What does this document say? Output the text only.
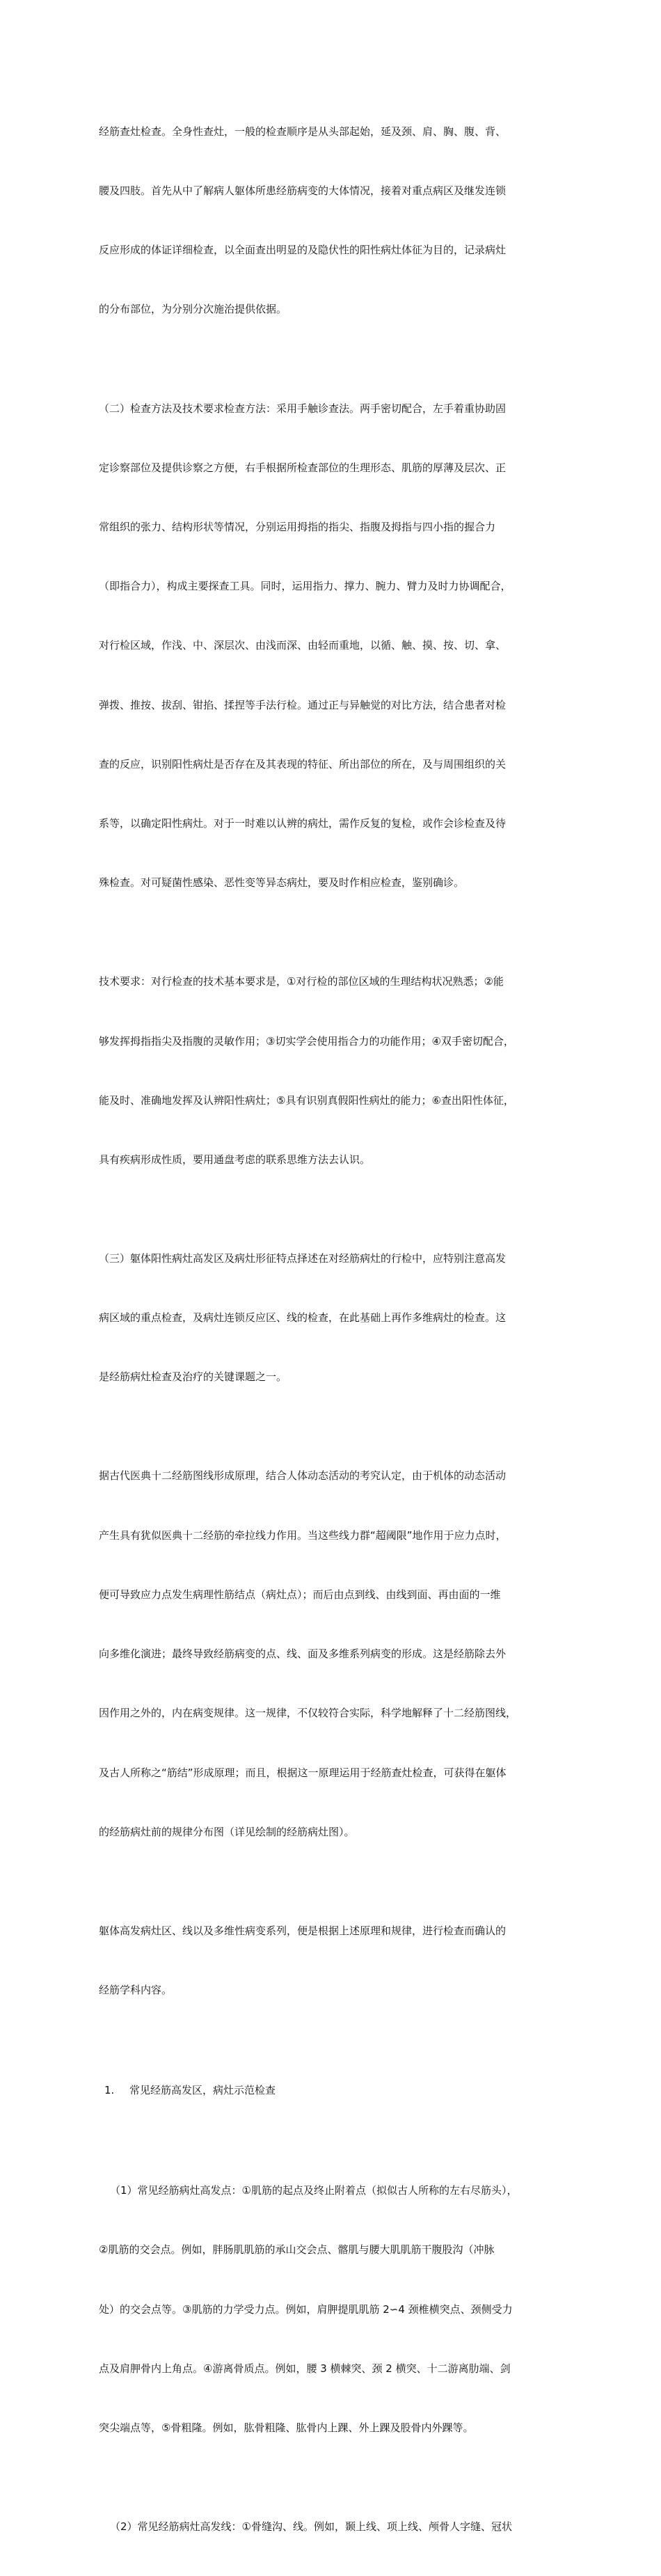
经筋查灶检查。全身性查灶，一般的检查顺序是从头部起始，延及颈、肩、胸、腹、背、

腰及四肢。首先从中了解病人躯体所患经筋病变的大体情况，接着对重点病区及继发连锁

反应形成的体证详细检查，以全面查出明显的及隐伏性的阳性病灶体征为目的，记录病灶

的分布部位，为分别分次施治提供依据。

（二）检查方法及技术要求检查方法：采用手触诊查法。两手密切配合，左手着重协助固

定诊察部位及提供诊察之方便，右手根据所检查部位的生理形态、肌筋的厚薄及层次、正

常组织的张力、结构形状等情况，分别运用拇指的指尖、指腹及拇指与四小指的握合力

（即指合力），构成主要探查工具。同时，运用指力、撑力、腕力、臂力及时力协调配合，

对行检区域，作浅、中、深层次、由浅而深、由轻而重地，以循、触、摸、按、切、拿、

弹拨、推按、拔刮、钳掐、揉捏等手法行检。通过正与异触觉的对比方法，结合患者对检

查的反应，识别阳性病灶是否存在及其表现的特征、所出部位的所在，及与周围组织的关

系等，以确定阳性病灶。对于一时难以认辨的病灶，需作反复的复检，或作会诊检查及待

殊检查。对可疑菌性感染、恶性变等异态病灶，要及时作相应检查，鉴别确诊。

技术要求：对行检查的技术基本要求是，①对行检的部位区域的生理结构状况熟悉；②能

够发挥拇指指尖及指腹的灵敏作用；③切实学会使用指合力的功能作用；④双手密切配合，

能及时、准确地发挥及认辨阳性病灶；⑤具有识别真假阳性病灶的能力；⑥查出阳性体征，

具有疾病形成性质，要用通盘考虑的联系思维方法去认识。

（三）躯体阳性病灶高发区及病灶形征特点择述在对经筋病灶的行检中，应特别注意高发

病区域的重点检查，及病灶连锁反应区、线的检查，在此基础上再作多维病灶的检查。这

是经筋病灶检查及治疗的关键课题之一。

据古代医典十二经筋图线形成原理，结合人体动态活动的考究认定，由于机体的动态活动

产生具有犹似医典十二经筋的牵拉线力作用。当这些线力群“超阈限”地作用于应力点时，

便可导致应力点发生病理性筋结点（病灶点）；而后由点到线、由线到面、再由面的一维

向多维化演进；最终导致经筋病变的点、线、面及多维系列病变的形成。这是经筋除去外

因作用之外的，内在病变规律。这一规律，不仅较符合实际，科学地解释了十二经筋图线，

及古人所称之“筋结”形成原理；而且，根据这一原理运用于经筋查灶检查，可获得在躯体

的经筋病灶前的规律分布图（详见绘制的经筋病灶图）。

躯体高发病灶区、线以及多维性病变系列，便是根据上述原理和规律，进行检查而确认的

经筋学科内容。

1. 常见经筋高发区，病灶示范检查

（1）常见经筋病灶高发点：①肌筋的起点及终止附着点（拟似古人所称的左右尽筋头），

②肌筋的交会点。例如，胖肠肌肌筋的承山交会点、髂肌与腰大肌肌筋干腹股沟（冲脉

处）的交会点等。③肌筋的力学受力点。例如，肩胛提肌肌筋 2∽4 颈椎横突点、颈侧受力

点及肩胛骨内上角点。④游离骨质点。例如，腰 3 横棘突、颈 2 横突、十二游离肋端、剑

突尖端点等，⑤骨粗隆。例如，肱骨粗隆、肱骨内上踝、外上踝及股骨内外踝等。

（2）常见经筋病灶高发线：①骨缝沟、线。例如，颞上线、项上线、颅骨人字缝、冠状
